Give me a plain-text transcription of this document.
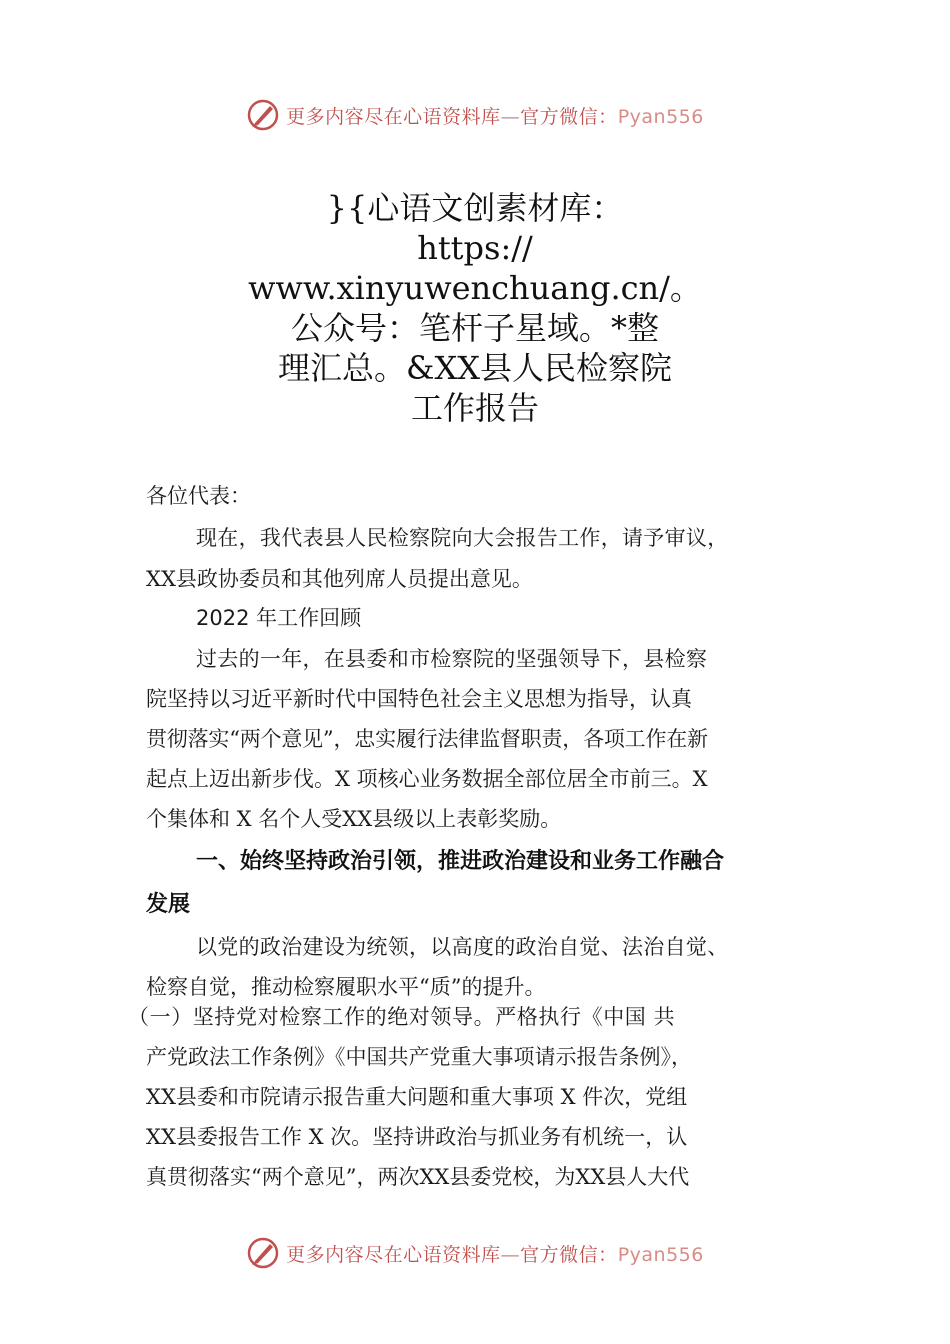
更多内容尽在心语资料库—官方微信：Pyan556
}{心语文创素材库：
https://
www.xinyuwenchuang.cn/。
公众号：笔杆子星域。*整
理汇总。&XX县人民检察院
工作报告
各位代表：
现在，我代表县人民检察院向大会报告工作，请予审议，
XX县政协委员和其他列席人员提出意见。
2022 年工作回顾
过去的一年，在县委和市检察院的坚强领导下，县检察
院坚持以习近平新时代中国特色社会主义思想为指导，认真
贯彻落实“两个意见”，忠实履行法律监督职责，各项工作在新
起点上迈出新步伐。X 项核心业务数据全部位居全市前三。X
个集体和 X 名个人受XX县级以上表彰奖励。
一、始终坚持政治引领，推进政治建设和业务工作融合
发展
以党的政治建设为统领，以高度的政治自觉、法治自觉、
检察自觉，推动检察履职水平“质”的提升。
（一）坚持党对检察工作的绝对领导。严格执行《中国 共
产党政法工作条例》《中国共产党重大事项请示报告条例》，
XX县委和市院请示报告重大问题和重大事项 X 件次，党组
XX县委报告工作 X 次。坚持讲政治与抓业务有机统一，认
真贯彻落实“两个意见”，两次XX县委党校，为XX县人大代
更多内容尽在心语资料库—官方微信：Pyan556
